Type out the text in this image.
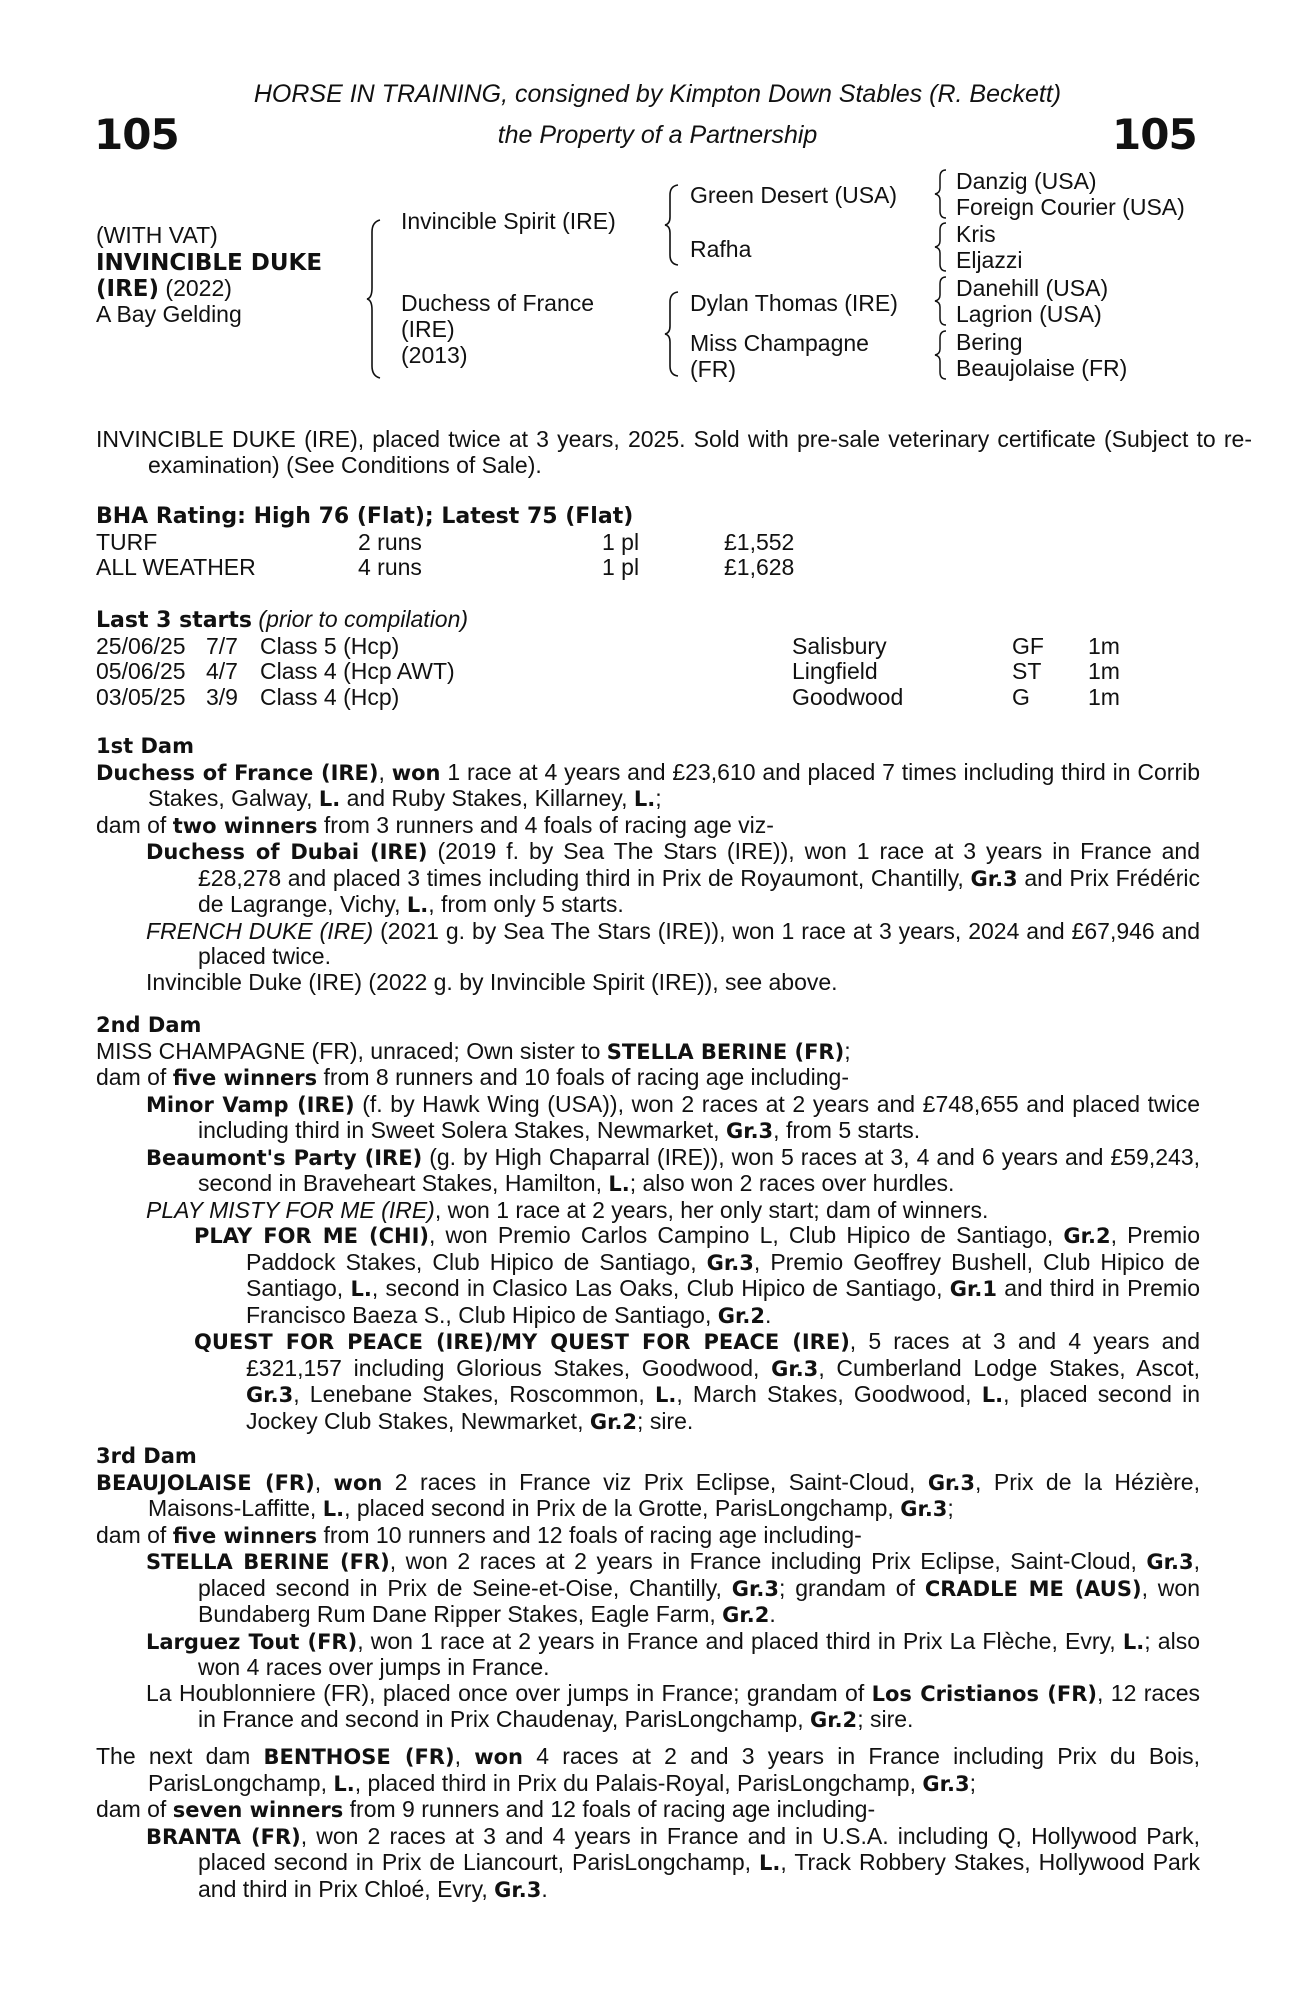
105	105
HORSE IN TRAINING, consigned by Kimpton Down Stables (R. Beckett)
the Property of a Partnership
(WITH VAT)
INVINCIBLE DUKE
(IRE) (2022)
A Bay Gelding
Invincible Spirit (IRE)
Duchess of France
(IRE)
(2013)
Green Desert (USA)
Rafha
Dylan Thomas (IRE)
Miss Champagne
(FR)
Danzig (USA)
Foreign Courier (USA)
Kris
Eljazzi
Danehill (USA)
Lagrion (USA)
Bering
Beaujolaise (FR)
INVINCIBLE DUKE (IRE), placed twice at 3 years, 2025. Sold with pre-sale veterinary certificate (Subject to re-examination) (See Conditions of Sale).
BHA Rating: High 76 (Flat); Latest 75 (Flat)
TURF	2 runs	1 pl	£1,552
ALL WEATHER	4 runs	1 pl	£1,628
Last 3 starts (prior to compilation)
25/06/25	7/7	Class 5 (Hcp)	Salisbury	GF	1m
05/06/25	4/7	Class 4 (Hcp AWT)	Lingfield	ST	1m
03/05/25	3/9	Class 4 (Hcp)	Goodwood	G	1m
1st Dam
Duchess of France (IRE), won 1 race at 4 years and £23,610 and placed 7 times including third in Corrib Stakes, Galway, L. and Ruby Stakes, Killarney, L.;
dam of two winners from 3 runners and 4 foals of racing age viz-
Duchess of Dubai (IRE) (2019 f. by Sea The Stars (IRE)), won 1 race at 3 years in France and £28,278 and placed 3 times including third in Prix de Royaumont, Chantilly, Gr.3 and Prix Frédéric de Lagrange, Vichy, L., from only 5 starts.
FRENCH DUKE (IRE) (2021 g. by Sea The Stars (IRE)), won 1 race at 3 years, 2024 and £67,946 and placed twice.
Invincible Duke (IRE) (2022 g. by Invincible Spirit (IRE)), see above.
2nd Dam
MISS CHAMPAGNE (FR), unraced; Own sister to STELLA BERINE (FR);
dam of five winners from 8 runners and 10 foals of racing age including-
Minor Vamp (IRE) (f. by Hawk Wing (USA)), won 2 races at 2 years and £748,655 and placed twice including third in Sweet Solera Stakes, Newmarket, Gr.3, from 5 starts.
Beaumont's Party (IRE) (g. by High Chaparral (IRE)), won 5 races at 3, 4 and 6 years and £59,243, second in Braveheart Stakes, Hamilton, L.; also won 2 races over hurdles.
PLAY MISTY FOR ME (IRE), won 1 race at 2 years, her only start; dam of winners.
PLAY FOR ME (CHI), won Premio Carlos Campino L, Club Hipico de Santiago, Gr.2, Premio Paddock Stakes, Club Hipico de Santiago, Gr.3, Premio Geoffrey Bushell, Club Hipico de Santiago, L., second in Clasico Las Oaks, Club Hipico de Santiago, Gr.1 and third in Premio Francisco Baeza S., Club Hipico de Santiago, Gr.2.
QUEST FOR PEACE (IRE)/MY QUEST FOR PEACE (IRE), 5 races at 3 and 4 years and £321,157 including Glorious Stakes, Goodwood, Gr.3, Cumberland Lodge Stakes, Ascot, Gr.3, Lenebane Stakes, Roscommon, L., March Stakes, Goodwood, L., placed second in Jockey Club Stakes, Newmarket, Gr.2; sire.
3rd Dam
BEAUJOLAISE (FR), won 2 races in France viz Prix Eclipse, Saint-Cloud, Gr.3, Prix de la Hézière, Maisons-Laffitte, L., placed second in Prix de la Grotte, ParisLongchamp, Gr.3;
dam of five winners from 10 runners and 12 foals of racing age including-
STELLA BERINE (FR), won 2 races at 2 years in France including Prix Eclipse, Saint-Cloud, Gr.3, placed second in Prix de Seine-et-Oise, Chantilly, Gr.3; grandam of CRADLE ME (AUS), won Bundaberg Rum Dane Ripper Stakes, Eagle Farm, Gr.2.
Larguez Tout (FR), won 1 race at 2 years in France and placed third in Prix La Flèche, Evry, L.; also won 4 races over jumps in France.
La Houblonniere (FR), placed once over jumps in France; grandam of Los Cristianos (FR), 12 races in France and second in Prix Chaudenay, ParisLongchamp, Gr.2; sire.
The next dam BENTHOSE (FR), won 4 races at 2 and 3 years in France including Prix du Bois, ParisLongchamp, L., placed third in Prix du Palais-Royal, ParisLongchamp, Gr.3;
dam of seven winners from 9 runners and 12 foals of racing age including-
BRANTA (FR), won 2 races at 3 and 4 years in France and in U.S.A. including Q, Hollywood Park, placed second in Prix de Liancourt, ParisLongchamp, L., Track Robbery Stakes, Hollywood Park and third in Prix Chloé, Evry, Gr.3.
